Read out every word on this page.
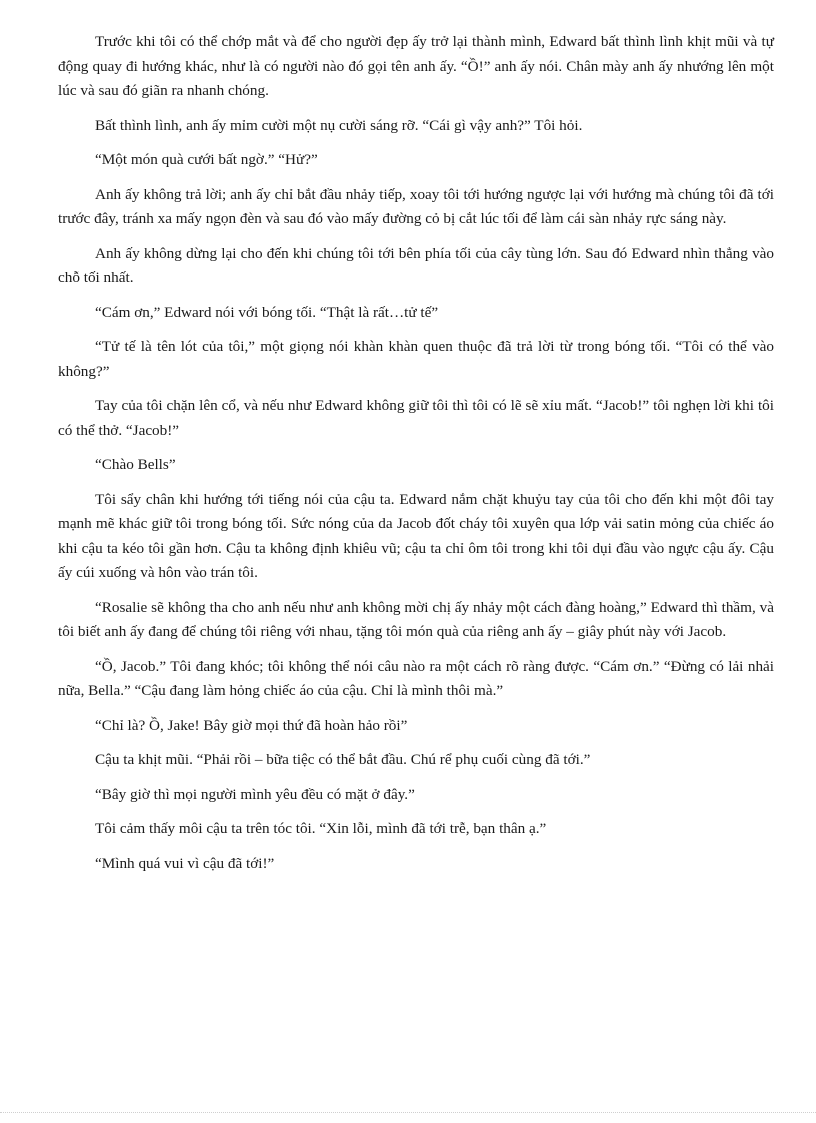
Trước khi tôi có thể chớp mắt và để cho người đẹp ấy trở lại thành mình, Edward bất thình lình khịt mũi và tự động quay đi hướng khác, như là có người nào đó gọi tên anh ấy. “Ồ!” anh ấy nói. Chân mày anh ấy nhướng lên một lúc và sau đó giãn ra nhanh chóng.

Bất thình lình, anh ấy mỉm cười một nụ cười sáng rỡ. “Cái gì vậy anh?” Tôi hỏi.

“Một món quà cưới bất ngờ.” “Hử?”

Anh ấy không trả lời; anh ấy chỉ bắt đầu nhảy tiếp, xoay tôi tới hướng ngược lại với hướng mà chúng tôi đã tới trước đây, tránh xa mấy ngọn đèn và sau đó vào mấy đường cỏ bị cắt lúc tối để làm cái sàn nhảy rực sáng này.

Anh ấy không dừng lại cho đến khi chúng tôi tới bên phía tối của cây tùng lớn. Sau đó Edward nhìn thẳng vào chỗ tối nhất.

“Cám ơn,” Edward nói với bóng tối. “Thật là rất…tử tế”

“Tử tế là tên lót của tôi,” một giọng nói khàn khàn quen thuộc đã trả lời từ trong bóng tối. “Tôi có thể vào không?”

Tay của tôi chặn lên cổ, và nếu như Edward không giữ tôi thì tôi có lẽ sẽ xỉu mất. “Jacob!” tôi nghẹn lời khi tôi có thể thở. “Jacob!”

“Chào Bells”

Tôi sẩy chân khi hướng tới tiếng nói của cậu ta. Edward nắm chặt khuỷu tay của tôi cho đến khi một đôi tay mạnh mẽ khác giữ tôi trong bóng tối. Sức nóng của da Jacob đốt cháy tôi xuyên qua lớp vải satin mỏng của chiếc áo khi cậu ta kéo tôi gần hơn. Cậu ta không định khiêu vũ; cậu ta chỉ ôm tôi trong khi tôi dụi đầu vào ngực cậu ấy. Cậu ấy cúi xuống và hôn vào trán tôi.

“Rosalie sẽ không tha cho anh nếu như anh không mời chị ấy nhảy một cách đàng hoàng,” Edward thì thầm, và tôi biết anh ấy đang để chúng tôi riêng với nhau, tặng tôi món quà của riêng anh ấy – giây phút này với Jacob.

“Ồ, Jacob.” Tôi đang khóc; tôi không thể nói câu nào ra một cách rõ ràng được. “Cám ơn.” “Đừng có lải nhải nữa, Bella.” “Cậu đang làm hỏng chiếc áo của cậu. Chỉ là mình thôi mà.”

“Chỉ là? Ồ, Jake! Bây giờ mọi thứ đã hoàn hảo rồi”

Cậu ta khịt mũi. “Phải rồi – bữa tiệc có thể bắt đầu. Chú rể phụ cuối cùng đã tới.”

“Bây giờ thì mọi người mình yêu đều có mặt ở đây.”

Tôi cảm thấy môi cậu ta trên tóc tôi. “Xin lỗi, mình đã tới trễ, bạn thân ạ.”

“Mình quá vui vì cậu đã tới!”
